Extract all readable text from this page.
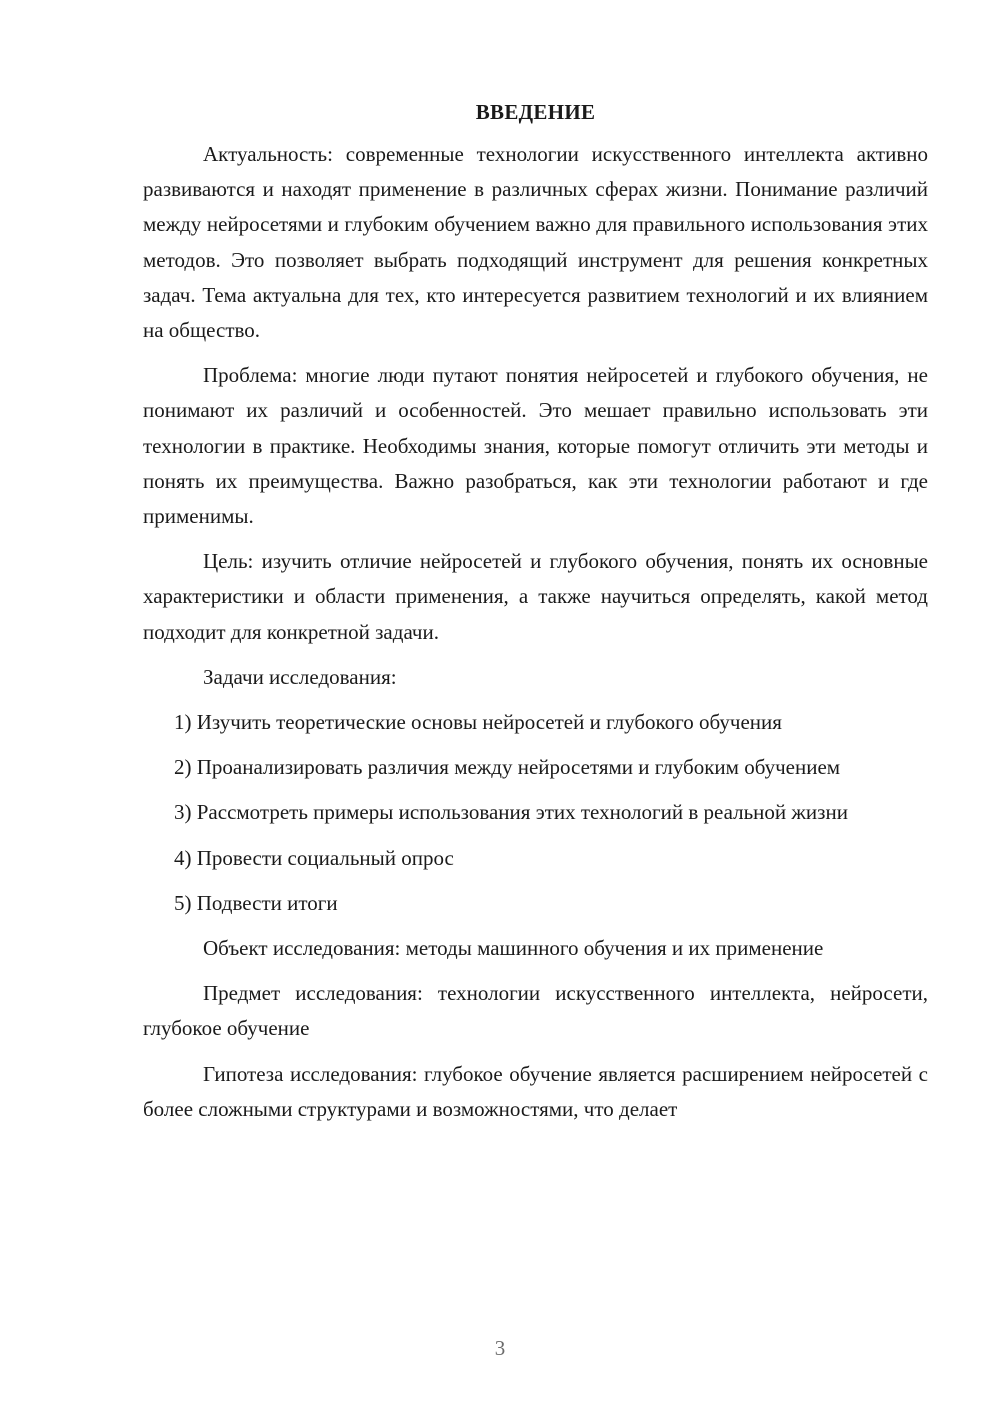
ВВЕДЕНИЕ

Актуальность: современные технологии искусственного интеллекта активно развиваются и находят применение в различных сферах жизни. Понимание различий между нейросетями и глубоким обучением важно для правильного использования этих методов. Это позволяет выбрать подходящий инструмент для решения конкретных задач. Тема актуальна для тех, кто интересуется развитием технологий и их влиянием на общество.

Проблема: многие люди путают понятия нейросетей и глубокого обучения, не понимают их различий и особенностей. Это мешает правильно использовать эти технологии в практике. Необходимы знания, которые помогут отличить эти методы и понять их преимущества. Важно разобраться, как эти технологии работают и где применимы.

Цель: изучить отличие нейросетей и глубокого обучения, понять их основные характеристики и области применения, а также научиться определять, какой метод подходит для конкретной задачи.

Задачи исследования:

1) Изучить теоретические основы нейросетей и глубокого обучения

2) Проанализировать различия между нейросетями и глубоким обучением

3) Рассмотреть примеры использования этих технологий в реальной жизни

4) Провести социальный опрос

5) Подвести итоги

Объект исследования: методы машинного обучения и их применение

Предмет исследования: технологии искусственного интеллекта, нейросети, глубокое обучение

Гипотеза исследования: глубокое обучение является расширением нейросетей с более сложными структурами и возможностями, что делает

3
